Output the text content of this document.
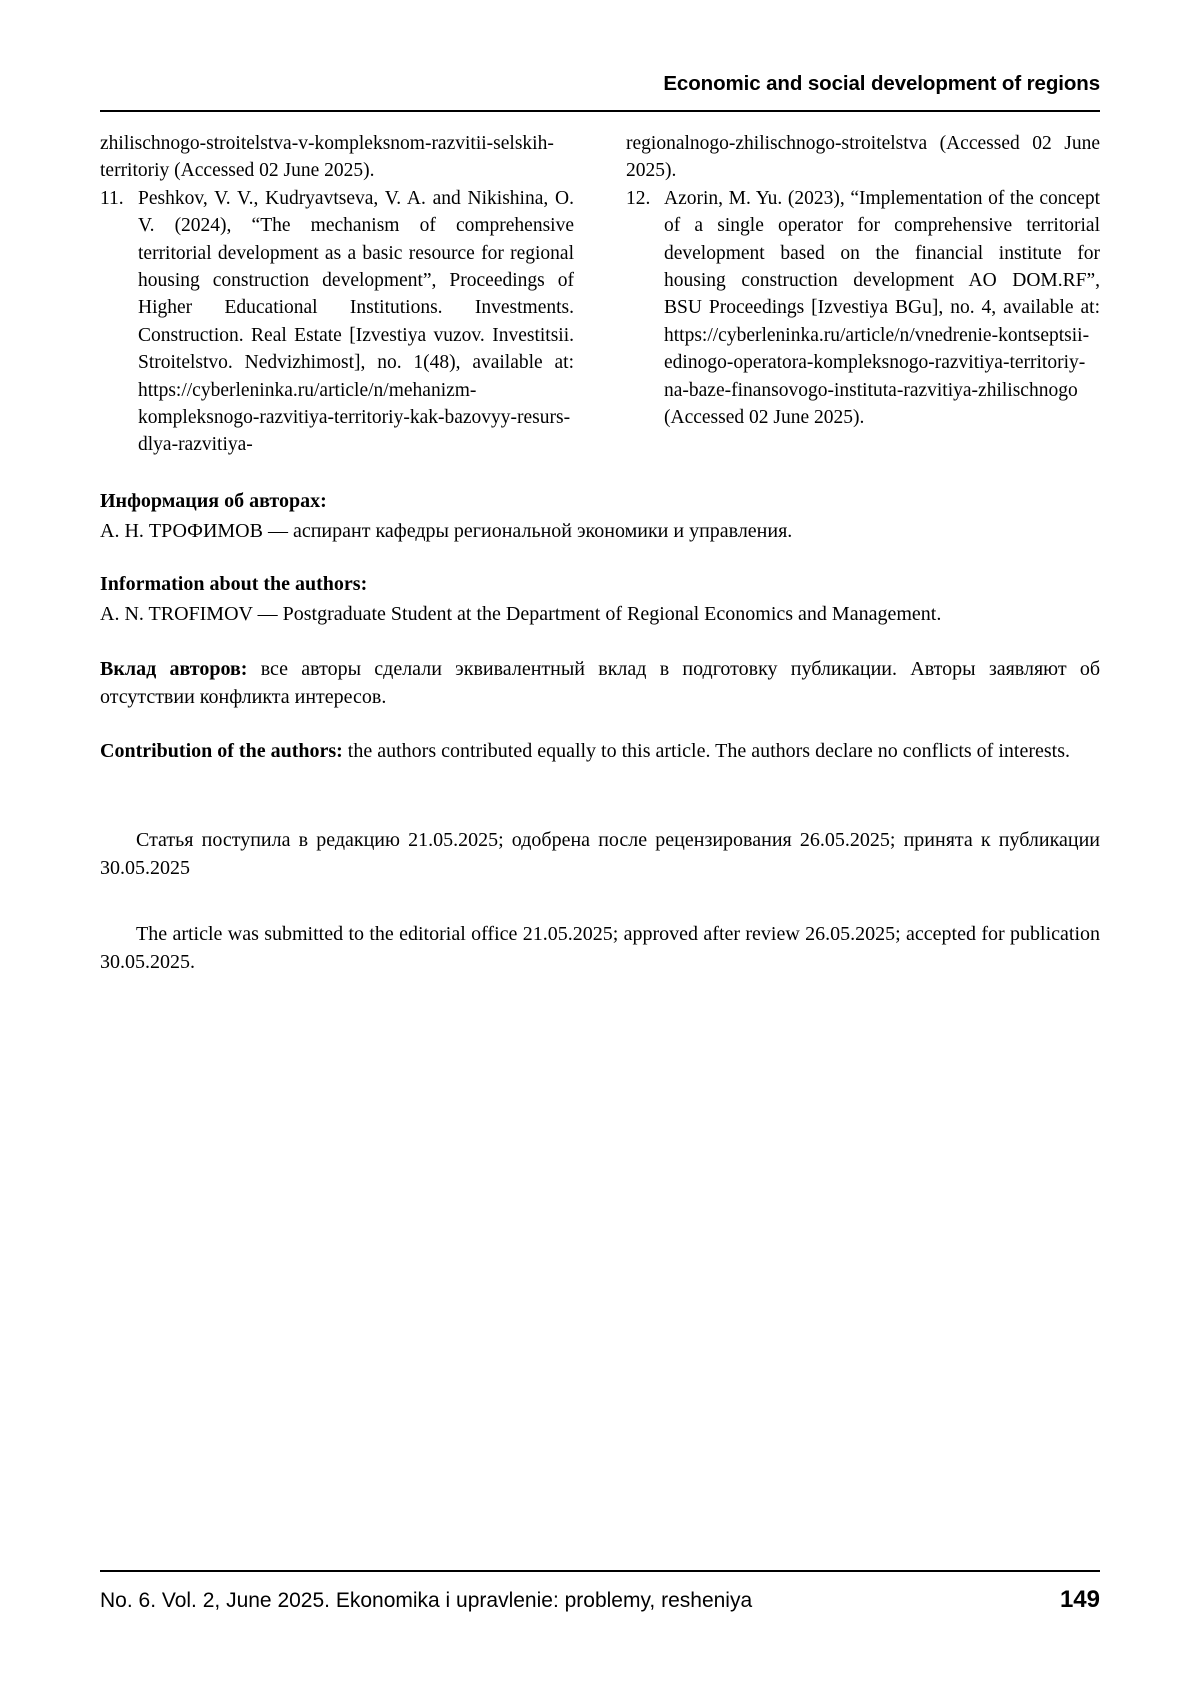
Economic and social development of regions
zhilischnogo-stroitelstva-v-kompleksnom-razvitii-selskih-territoriy (Accessed 02 June 2025).
11. Peshkov, V. V., Kudryavtseva, V. A. and Nikishina, O. V. (2024), “The mechanism of comprehensive territorial development as a basic resource for regional housing construction development”, Proceedings of Higher Educational Institutions. Investments. Construction. Real Estate [Izvestiya vuzov. Investitsii. Stroitelstvo. Nedvizhimost], no. 1(48), available at: https://cyberleninka.ru/article/n/mehanizm-kompleksnogo-razvitiya-territoriy-kak-bazovyy-resurs-dlya-razvitiya-
regionalnogo-zhilischnogo-stroitelstva (Accessed 02 June 2025).
12. Azorin, M. Yu. (2023), “Implementation of the concept of a single operator for comprehensive territorial development based on the financial institute for housing construction development AO DOM.RF”, BSU Proceedings [Izvestiya BGu], no. 4, available at: https://cyberleninka.ru/article/n/vnedrenie-kontseptsii-edinogo-operatora-kompleksnogo-razvitiya-territoriy-na-baze-finansovogo-instituta-razvitiya-zhilischnogo (Accessed 02 June 2025).
Информация об авторах:
А. Н. ТРОФИМОВ — аспирант кафедры региональной экономики и управления.
Information about the authors:
A. N. TROFIMOV — Postgraduate Student at the Department of Regional Economics and Management.
Вклад авторов: все авторы сделали эквивалентный вклад в подготовку публикации. Авторы заявляют об отсутствии конфликта интересов.
Contribution of the authors: the authors contributed equally to this article. The authors declare no conflicts of interests.
Статья поступила в редакцию 21.05.2025; одобрена после рецензирования 26.05.2025; принята к публикации 30.05.2025
The article was submitted to the editorial office 21.05.2025; approved after review 26.05.2025; accepted for publication 30.05.2025.
No. 6. Vol. 2, June 2025. Ekonomika i upravlenie: problemy, resheniya	149
